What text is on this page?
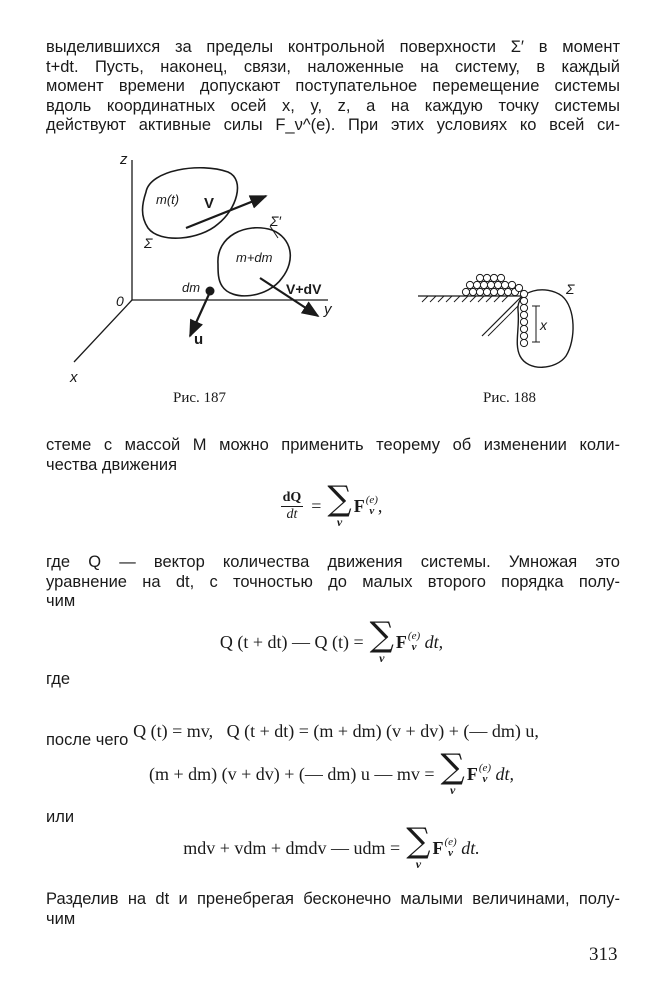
выделившихся за пределы контрольной поверхности Σ′ в момент
t+dt. Пусть, наконец, связи, наложенные на систему, в каждый
момент времени допускают поступательное перемещение системы
вдоль координатных осей x, y, z, а на каждую точку системы
действуют активные силы F_ν^(e). При этих условиях ко всей си-
z
y
x
0
m(t) V
Σ
Σ′
m+dm
dm	V+dV
u
Рис. 187
Σ
x
Рис. 188
стеме с массой M можно применить теорему об изменении коли-
чества движения
$\frac{dQ}{dt}$ = ∑
ν
F (e)
ν ,
где Q — вектор количества движения системы. Умножая это
уравнение на dt, с точностью до малых второго порядка полу-
чим
Q (t + dt) — Q (t) = ∑
ν
F (e)
ν dt,
где

Q (t) = mv,   Q (t + dt) = (m + dm) (v + dv) + (— dm) u,

после чего
(m + dm) (v + dv) + (— dm) u — mv = ∑
ν
F (e)
ν dt,
или
mdv + vdm + dmdv — udm = ∑
ν
F (e)
ν dt.
Разделив на dt и пренебрегая бесконечно малыми величинами, полу-
чим
313
